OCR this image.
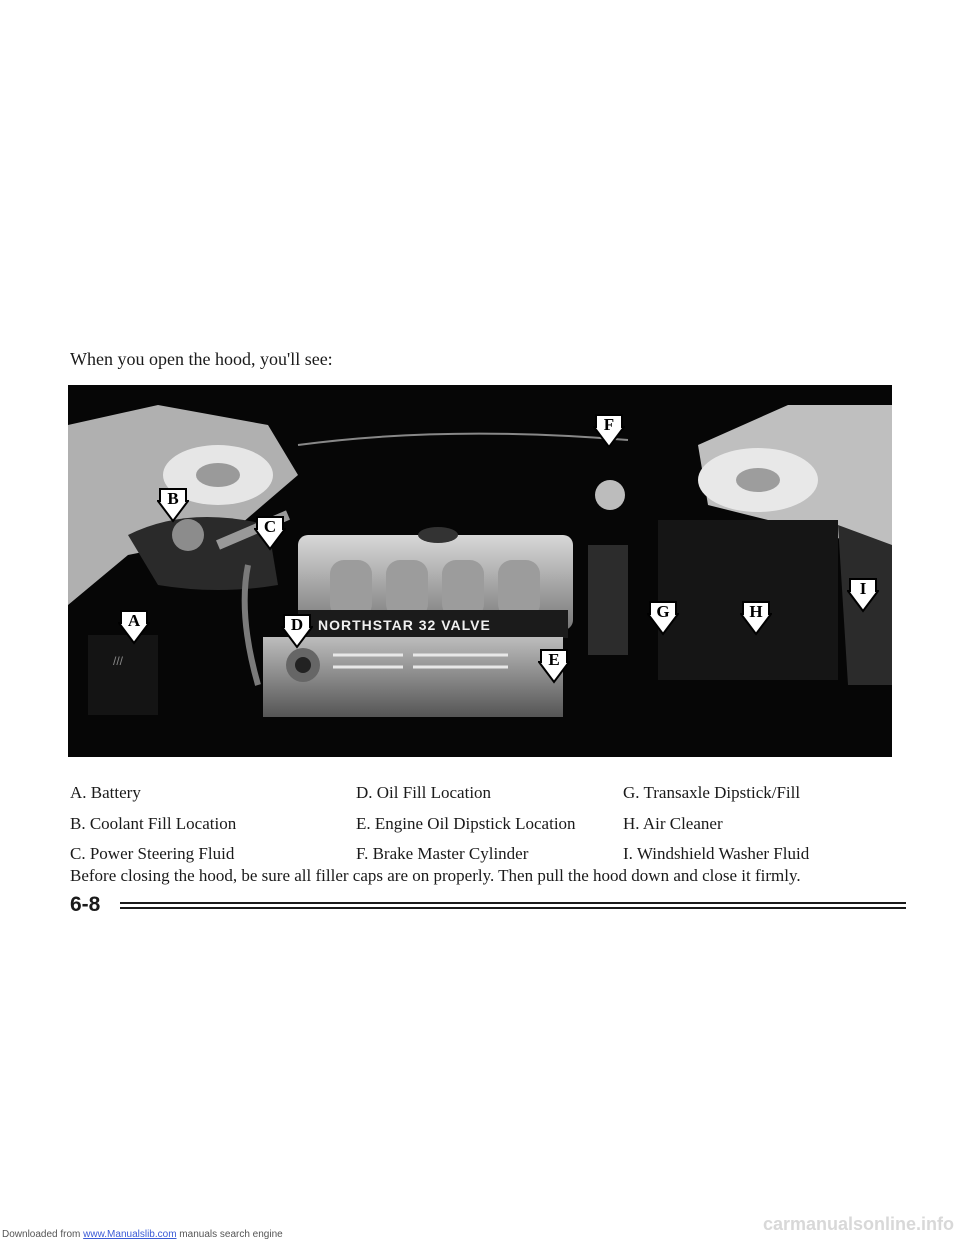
When you open the hood, you'll see:
NORTHSTAR 32 VALVE
///
A
B
C
D
E
F
G	H
I
A. Battery
B. Coolant Fill Location
C. Power Steering Fluid
D. Oil Fill Location
E. Engine Oil Dipstick Location
F. Brake Master Cylinder
G. Transaxle Dipstick/Fill
H. Air Cleaner
I. Windshield Washer Fluid
Before closing the hood, be sure all filler caps are on properly. Then pull the hood down and close it firmly.
6-8
Downloaded from www.Manualslib.com manuals search engine
carmanualsonline.info
